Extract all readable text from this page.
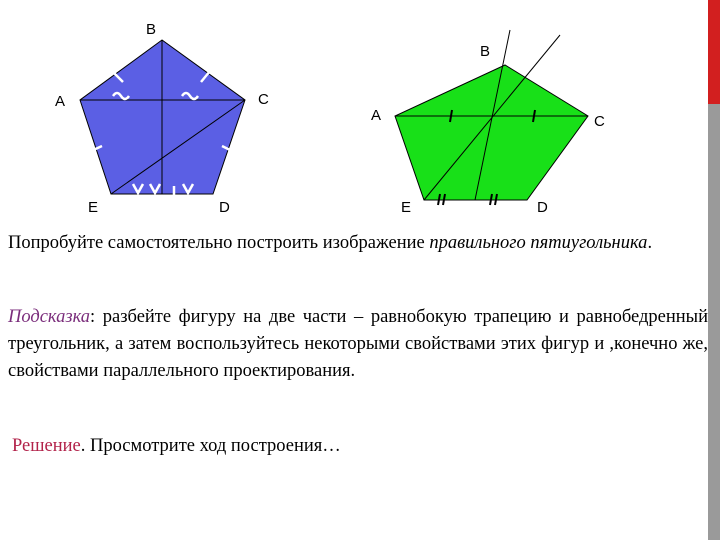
B
A	C
E	D
B
A	C
E	D
Попробуйте самостоятельно построить изображение правильного пятиугольника.
Подсказка: разбейте фигуру на две части – равнобокую трапецию и равнобедренный треугольник, а затем воспользуйтесь некоторыми свойствами этих фигур и ,конечно же, свойствами параллельного проектирования.
Решение. Просмотрите ход построения…
